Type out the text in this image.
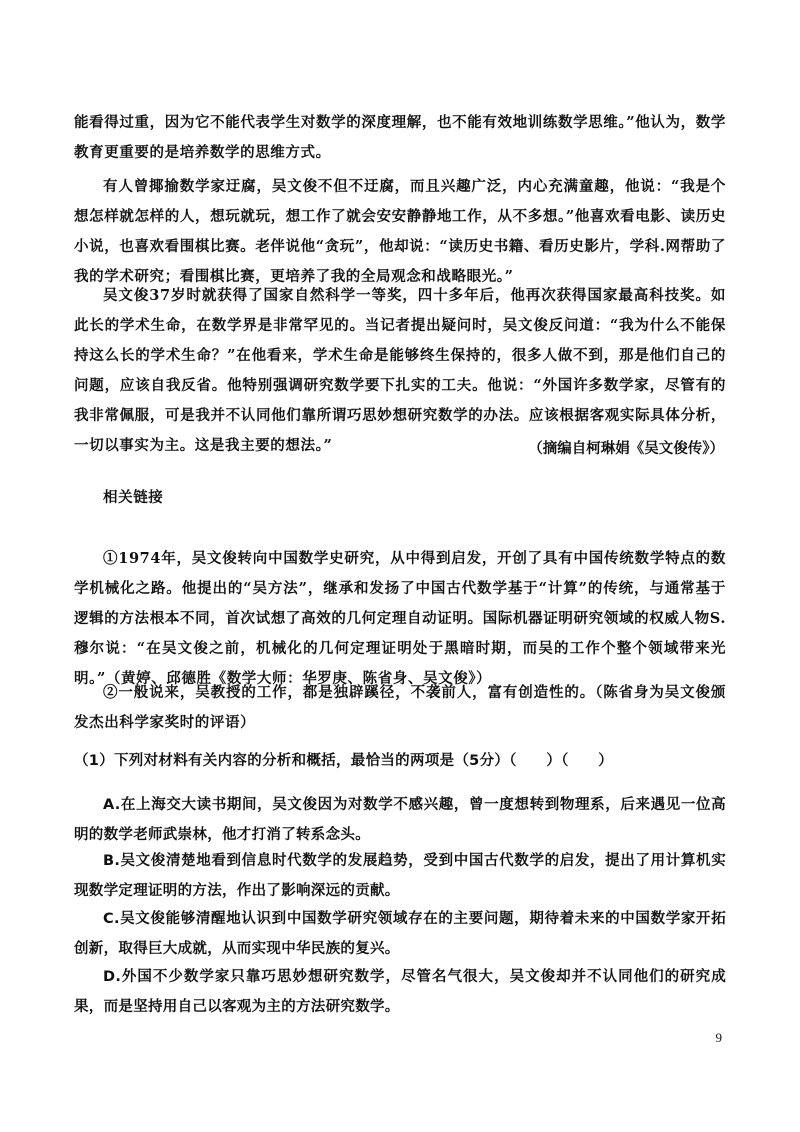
能看得过重，因为它不能代表学生对数学的深度理解，也不能有效地训练数学思维。”他认为，数学教育更重要的是培养数学的思维方式。

有人曾揶揄数学家迂腐，吴文俊不但不迂腐，而且兴趣广泛，内心充满童趣，他说：“我是个想怎样就怎样的人，想玩就玩，想工作了就会安安静静地工作，从不多想。”他喜欢看电影、读历史小说，也喜欢看围棋比赛。老伴说他“贪玩”，他却说：“读历史书籍、看历史影片，学科.网帮助了我的学术研究；看围棋比赛，更培养了我的全局观念和战略眼光。”

吴文俊37岁时就获得了国家自然科学一等奖，四十多年后，他再次获得国家最高科技奖。如此长的学术生命，在数学界是非常罕见的。当记者提出疑问时，吴文俊反问道：“我为什么不能保持这么长的学术生命？”在他看来，学术生命是能够终生保持的，很多人做不到，那是他们自己的问题，应该自我反省。他特别强调研究数学要下扎实的工夫。他说：“外国许多数学家，尽管有的我非常佩服，可是我并不认同他们靠所谓巧思妙想研究数学的办法。应该根据客观实际具体分析，一切以事实为主。这是我主要的想法。”	（摘编自柯琳娟《吴文俊传》）

相关链接

①1974年，吴文俊转向中国数学史研究，从中得到启发，开创了具有中国传统数学特点的数学机械化之路。他提出的“吴方法”，继承和发扬了中国古代数学基于“计算”的传统，与通常基于逻辑的方法根本不同，首次试想了高效的几何定理自动证明。国际机器证明研究领域的权威人物S.穆尔说：“在吴文俊之前，机械化的几何定理证明处于黑暗时期，而吴的工作个整个领域带来光明。”（黄婷、邱德胜《数学大师：华罗庚、陈省身、吴文俊》）

②一般说来，吴教授的工作，都是独辟蹊径，不袭前人，富有创造性的。（陈省身为吴文俊颁发杰出科学家奖时的评语）

（1）下列对材料有关内容的分析和概括，最恰当的两项是（5分）（　　）（　　）

A.在上海交大读书期间，吴文俊因为对数学不感兴趣，曾一度想转到物理系，后来遇见一位高明的数学老师武崇林，他才打消了转系念头。

B.吴文俊清楚地看到信息时代数学的发展趋势，受到中国古代数学的启发，提出了用计算机实现数学定理证明的方法，作出了影响深远的贡献。

C.吴文俊能够清醒地认识到中国数学研究领域存在的主要问题，期待着未来的中国数学家开拓创新，取得巨大成就，从而实现中华民族的复兴。

D.外国不少数学家只靠巧思妙想研究数学，尽管名气很大，吴文俊却并不认同他们的研究成果，而是坚持用自己以客观为主的方法研究数学。

9
